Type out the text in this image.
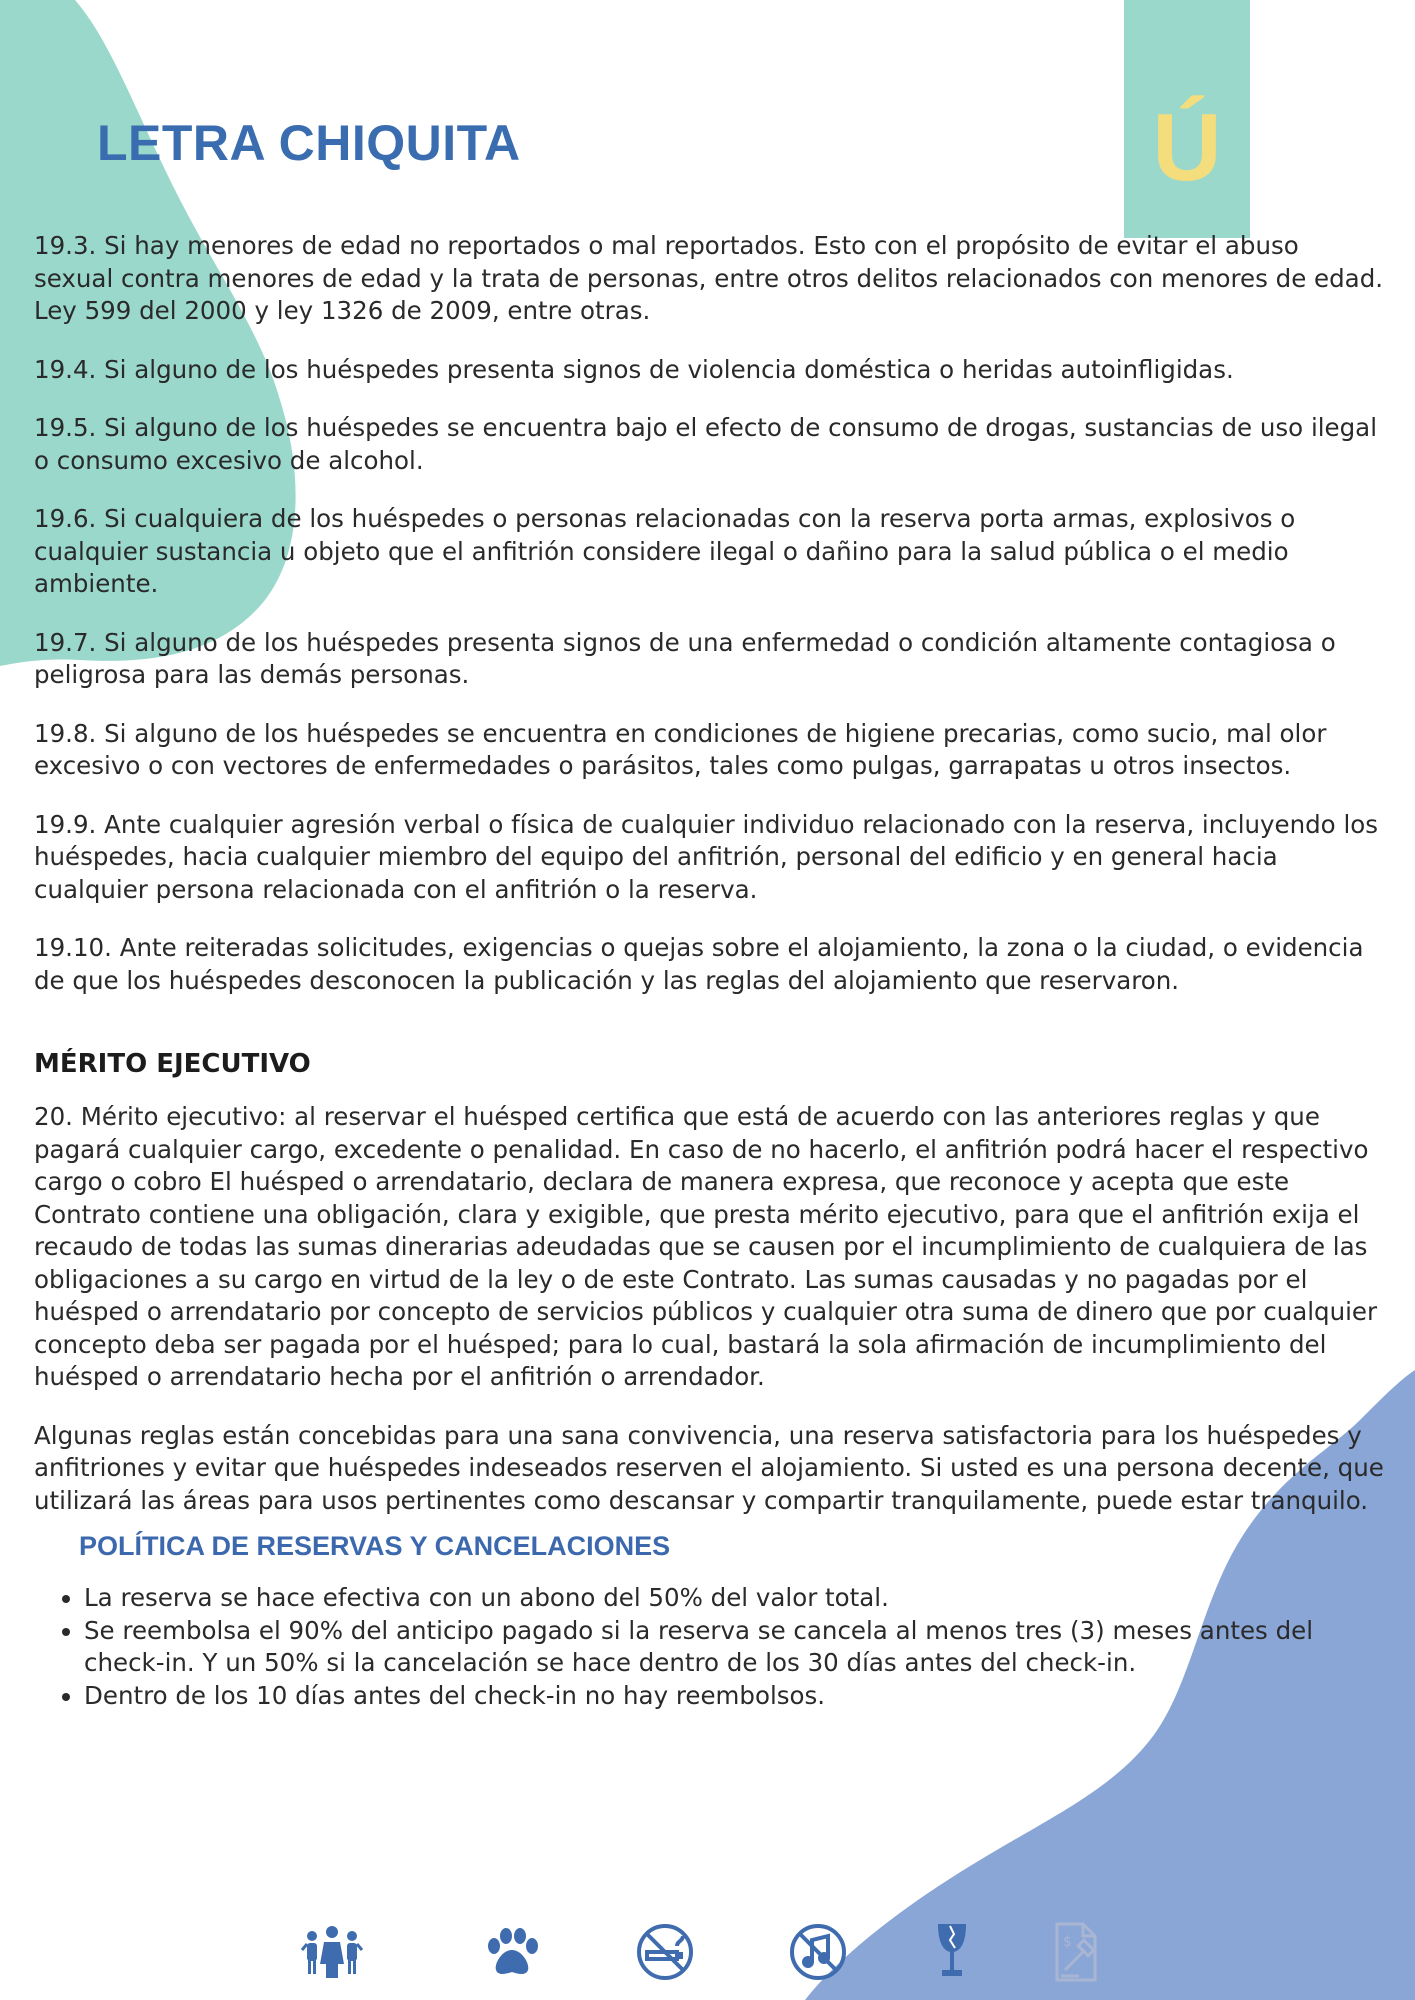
Ú
LETRA CHIQUITA

19.3. Si hay menores de edad no reportados o mal reportados. Esto con el propósito de evitar el abuso sexual contra menores de edad y la trata de personas, entre otros delitos relacionados con menores de edad. Ley 599 del 2000 y ley 1326 de 2009, entre otras.

19.4. Si alguno de los huéspedes presenta signos de violencia doméstica o heridas autoinfligidas.

19.5. Si alguno de los huéspedes se encuentra bajo el efecto de consumo de drogas, sustancias de uso ilegal o consumo excesivo de alcohol.

19.6. Si cualquiera de los huéspedes o personas relacionadas con la reserva porta armas, explosivos o cualquier sustancia u objeto que el anfitrión considere ilegal o dañino para la salud pública o el medio ambiente.

19.7. Si alguno de los huéspedes presenta signos de una enfermedad o condición altamente contagiosa o peligrosa para las demás personas.

19.8. Si alguno de los huéspedes se encuentra en condiciones de higiene precarias, como sucio, mal olor excesivo o con vectores de enfermedades o parásitos, tales como pulgas, garrapatas u otros insectos.

19.9. Ante cualquier agresión verbal o física de cualquier individuo relacionado con la reserva, incluyendo los huéspedes, hacia cualquier miembro del equipo del anfitrión, personal del edificio y en general hacia cualquier persona relacionada con el anfitrión o la reserva.

19.10. Ante reiteradas solicitudes, exigencias o quejas sobre el alojamiento, la zona o la ciudad, o evidencia de que los huéspedes desconocen la publicación y las reglas del alojamiento que reservaron.

MÉRITO EJECUTIVO

20. Mérito ejecutivo: al reservar el huésped certifica que está de acuerdo con las anteriores reglas y que pagará cualquier cargo, excedente o penalidad. En caso de no hacerlo, el anfitrión podrá hacer el respectivo cargo o cobro El huésped o arrendatario, declara de manera expresa, que reconoce y acepta que este Contrato contiene una obligación, clara y exigible, que presta mérito ejecutivo, para que el anfitrión exija el recaudo de todas las sumas dinerarias adeudadas que se causen por el incumplimiento de cualquiera de las obligaciones a su cargo en virtud de la ley o de este Contrato. Las sumas causadas y no pagadas por el huésped o arrendatario por concepto de servicios públicos y cualquier otra suma de dinero que por cualquier concepto deba ser pagada por el huésped; para lo cual, bastará la sola afirmación de incumplimiento del huésped o arrendatario hecha por el anfitrión o arrendador.

Algunas reglas están concebidas para una sana convivencia, una reserva satisfactoria para los huéspedes y anfitriones y evitar que huéspedes indeseados reserven el alojamiento. Si usted es una persona decente, que utilizará las áreas para usos pertinentes como descansar y compartir tranquilamente, puede estar tranquilo.

POLÍTICA DE RESERVAS Y CANCELACIONES
• La reserva se hace efectiva con un abono del 50% del valor total.
• Se reembolsa el 90% del anticipo pagado si la reserva se cancela al menos tres (3) meses antes del check-in. Y un 50% si la cancelación se hace dentro de los 30 días antes del check-in.
• Dentro de los 10 días antes del check-in no hay reembolsos.
$
